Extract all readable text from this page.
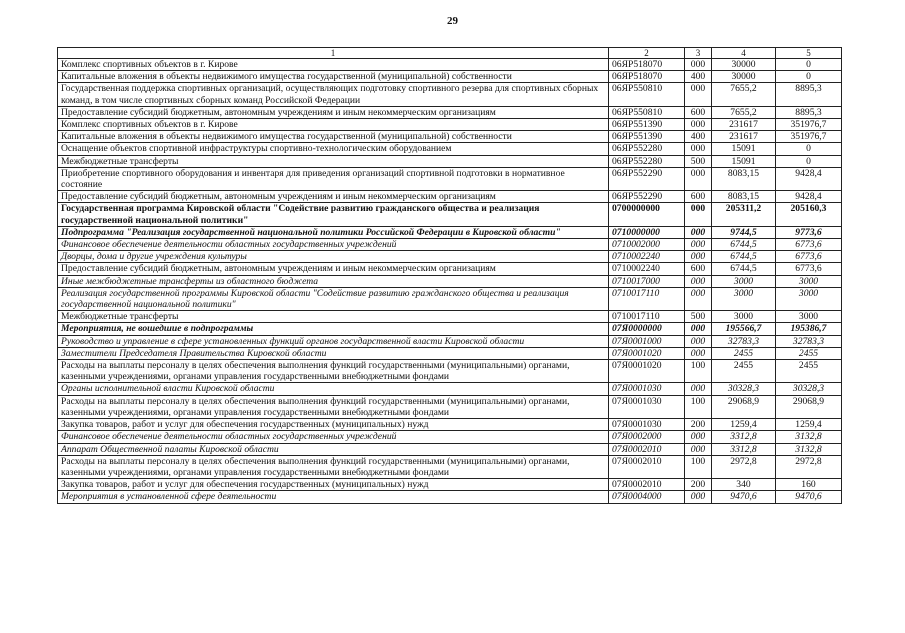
29
1	2	3	4	5
Комплекс спортивных объектов в г. Кирове	06ЯР518070	000	30000	0
Капитальные вложения в объекты недвижимого имущества государственной (муниципальной) собственности	06ЯР518070	400	30000	0
Государственная поддержка спортивных организаций, осуществляющих подготовку спортивного резерва для спортивных сборных команд, в том числе спортивных сборных команд Российской Федерации	06ЯР550810	000	7655,2	8895,3
Предоставление субсидий бюджетным, автономным учреждениям и иным некоммерческим организациям	06ЯР550810	600	7655,2	8895,3
Комплекс спортивных объектов в г. Кирове	06ЯР551390	000	231617	351976,7
Капитальные вложения в объекты недвижимого имущества государственной (муниципальной) собственности	06ЯР551390	400	231617	351976,7
Оснащение объектов спортивной инфраструктуры спортивно-технологическим оборудованием	06ЯР552280	000	15091	0
Межбюджетные трансферты	06ЯР552280	500	15091	0
Приобретение спортивного оборудования и инвентаря для приведения организаций спортивной подготовки в нормативное состояние	06ЯР552290	000	8083,15	9428,4
Предоставление субсидий бюджетным, автономным учреждениям и иным некоммерческим организациям	06ЯР552290	600	8083,15	9428,4
Государственная программа Кировской области "Содействие развитию гражданского общества и реализация государственной национальной политики"	0700000000	000	205311,2	205160,3
Подпрограмма "Реализация государственной национальной политики Российской Федерации в Кировской области"	0710000000	000	9744,5	9773,6
Финансовое обеспечение деятельности областных государственных учреждений	0710002000	000	6744,5	6773,6
Дворцы, дома и другие учреждения культуры	0710002240	000	6744,5	6773,6
Предоставление субсидий бюджетным, автономным учреждениям и иным некоммерческим организациям	0710002240	600	6744,5	6773,6
Иные межбюджетные трансферты из областного бюджета	0710017000	000	3000	3000
Реализация государственной программы Кировской области "Содействие развитию гражданского общества и реализация государственной национальной политики"	0710017110	000	3000	3000
Межбюджетные трансферты	0710017110	500	3000	3000
Мероприятия, не вошедшие в подпрограммы	07Я0000000	000	195566,7	195386,7
Руководство и управление в сфере установленных функций органов государственной власти Кировской области	07Я0001000	000	32783,3	32783,3
Заместители Председателя Правительства Кировской области	07Я0001020	000	2455	2455
Расходы на выплаты персоналу в целях обеспечения выполнения функций государственными (муниципальными) органами, казенными учреждениями, органами управления государственными внебюджетными фондами	07Я0001020	100	2455	2455
Органы исполнительной власти Кировской области	07Я0001030	000	30328,3	30328,3
Расходы на выплаты персоналу в целях обеспечения выполнения функций государственными (муниципальными) органами, казенными учреждениями, органами управления государственными внебюджетными фондами	07Я0001030	100	29068,9	29068,9
Закупка товаров, работ и услуг для обеспечения государственных (муниципальных) нужд	07Я0001030	200	1259,4	1259,4
Финансовое обеспечение деятельности областных государственных учреждений	07Я0002000	000	3312,8	3132,8
Аппарат Общественной палаты Кировской области	07Я0002010	000	3312,8	3132,8
Расходы на выплаты персоналу в целях обеспечения выполнения функций государственными (муниципальными) органами, казенными учреждениями, органами управления государственными внебюджетными фондами	07Я0002010	100	2972,8	2972,8
Закупка товаров, работ и услуг для обеспечения государственных (муниципальных) нужд	07Я0002010	200	340	160
Мероприятия в установленной сфере деятельности	07Я0004000	000	9470,6	9470,6
